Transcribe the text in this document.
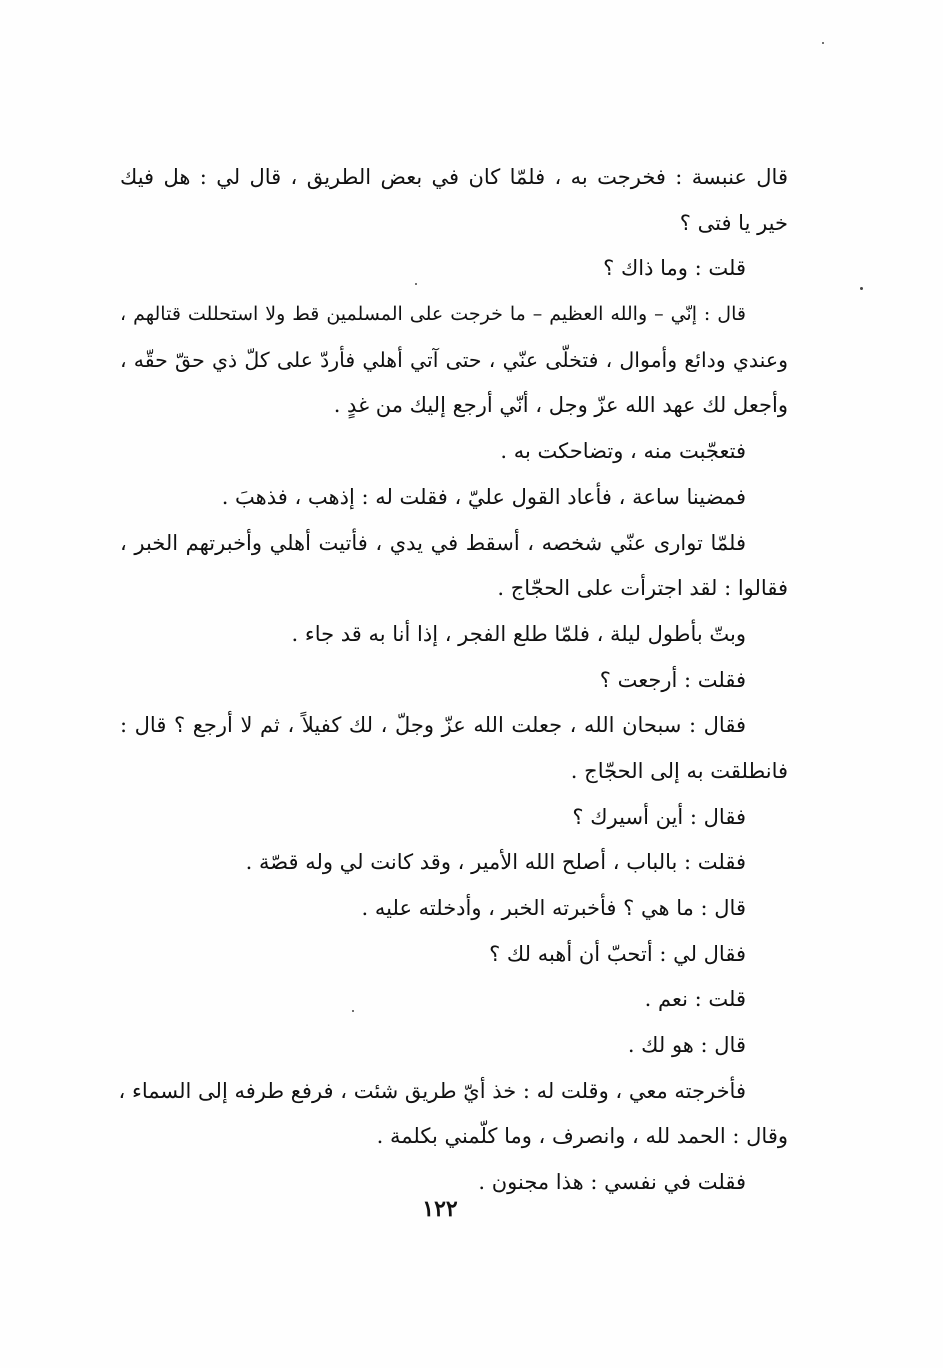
قال عنبسة : فخرجت به ، فلمّا كان في بعض الطريق ، قال لي : هل فيك
خير يا فتى ؟
قلت : وما ذاك ؟
قال : إنّي – والله العظيم – ما خرجت على المسلمين قط ولا استحللت قتالهم ،
وعندي ودائع وأموال ، فتخلّى عنّي ، حتى آتي أهلي فأردّ على كلّ ذي حقّ حقّه ،
وأجعل لك عهد الله عزّ وجل ، أنّي أرجع إليك من غدٍ .
فتعجّبت منه ، وتضاحكت به .
فمضينا ساعة ، فأعاد القول عليّ ، فقلت له : إذهب ، فذهبَ .
فلمّا توارى عنّي شخصه ، أسقط في يدي ، فأتيت أهلي وأخبرتهم الخبر ،
فقالوا : لقد اجترأت على الحجّاج .
وبتّ بأطول ليلة ، فلمّا طلع الفجر ، إذا أنا به قد جاء .
فقلت : أرجعت ؟
فقال : سبحان الله ، جعلت الله عزّ وجلّ ، لك كفيلاً ، ثم لا أرجع ؟ قال :
فانطلقت به إلى الحجّاج .
فقال : أين أسيرك ؟
فقلت : بالباب ، أصلح الله الأمير ، وقد كانت لي وله قصّة .
قال : ما هي ؟ فأخبرته الخبر ، وأدخلته عليه .
فقال لي : أتحبّ أن أهبه لك ؟
قلت : نعم .
قال : هو لك .
فأخرجته معي ، وقلت له : خذ أيّ طريق شئت ، فرفع طرفه إلى السماء ،
وقال : الحمد لله ، وانصرف ، وما كلّمني بكلمة .
فقلت في نفسي : هذا مجنون .
١٢٢
